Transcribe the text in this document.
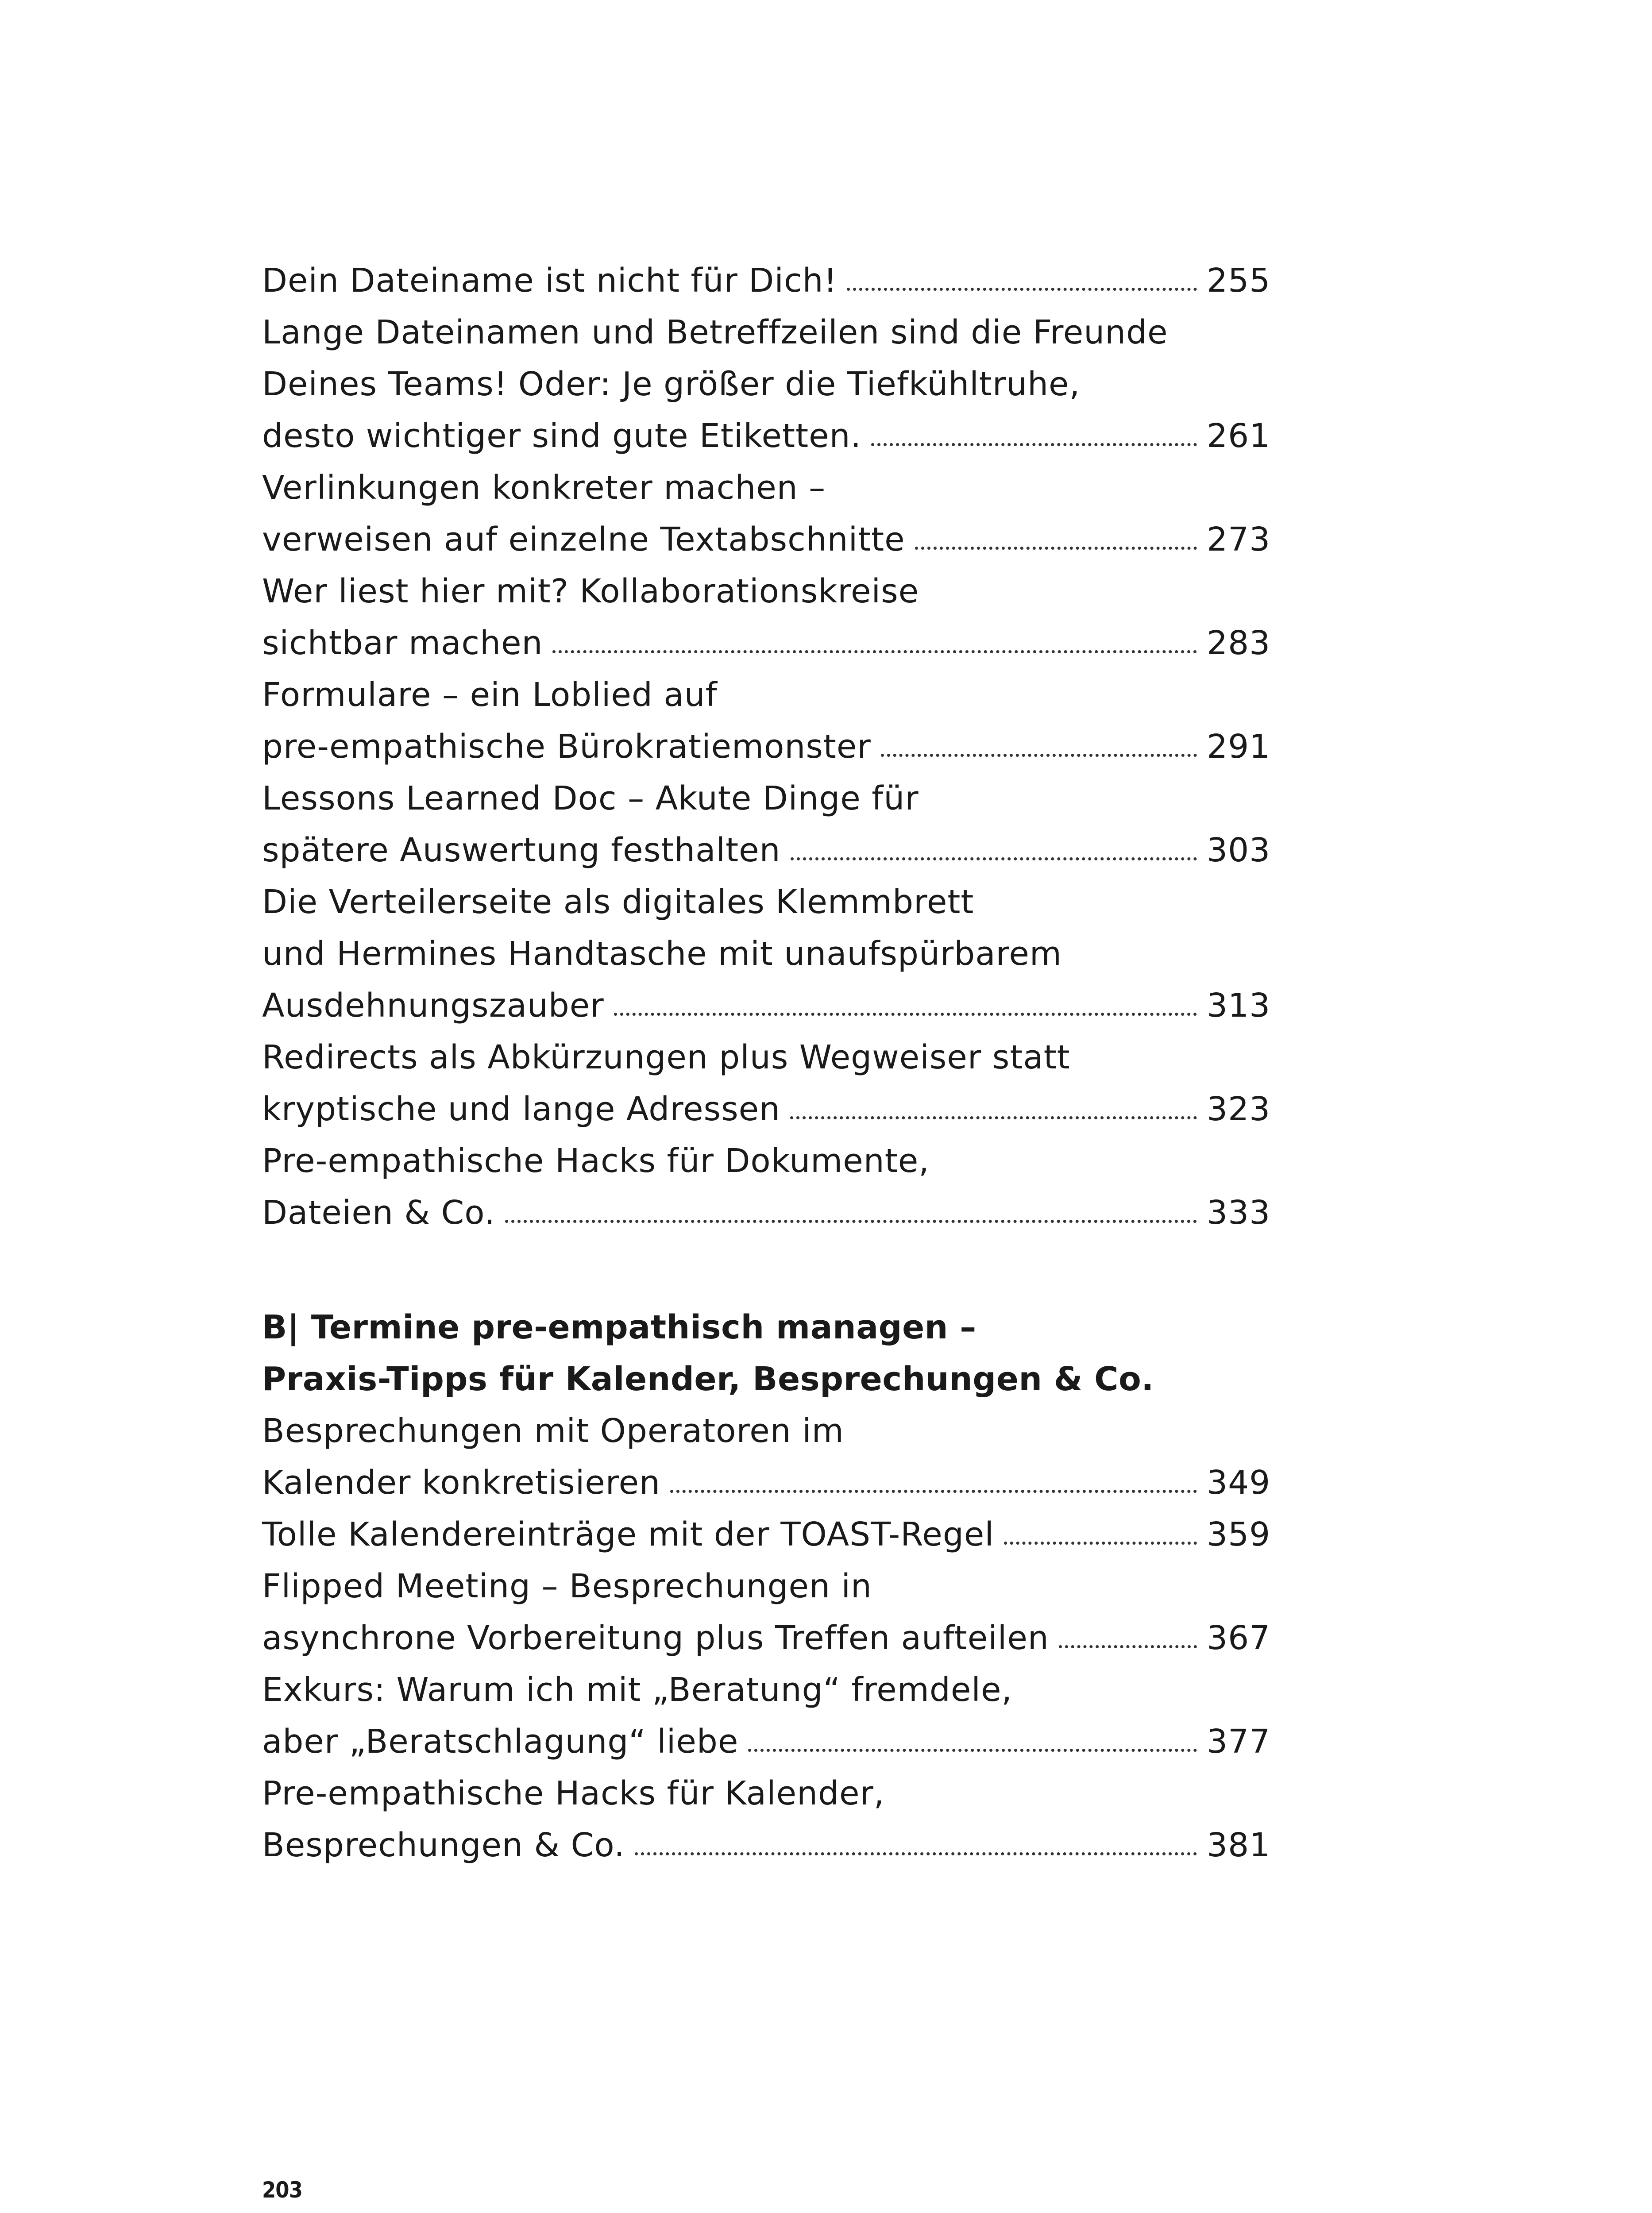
Dein Dateiname ist nicht für Dich!	255
Lange Dateinamen und Betreffzeilen sind die Freunde
Deines Teams! Oder: Je größer die Tiefkühltruhe,
desto wichtiger sind gute Etiketten.	261
Verlinkungen konkreter machen –
verweisen auf einzelne Textabschnitte	273
Wer liest hier mit? Kollaborationskreise
sichtbar machen	283
Formulare – ein Loblied auf
pre-empathische Bürokratiemonster	291
Lessons Learned Doc – Akute Dinge für
spätere Auswertung festhalten	303
Die Verteilerseite als digitales Klemmbrett
und Hermines Handtasche mit unaufspürbarem
Ausdehnungszauber	313
Redirects als Abkürzungen plus Wegweiser statt
kryptische und lange Adressen	323
Pre-empathische Hacks für Dokumente,
Dateien & Co.	333
B| Termine pre-empathisch managen –
Praxis-Tipps für Kalender, Besprechungen & Co.
Besprechungen mit Operatoren im
Kalender konkretisieren	349
Tolle Kalendereinträge mit der TOAST-Regel	359
Flipped Meeting – Besprechungen in
asynchrone Vorbereitung plus Treffen aufteilen	367
Exkurs: Warum ich mit „Beratung“ fremdele,
aber „Beratschlagung“ liebe	377
Pre-empathische Hacks für Kalender,
Besprechungen & Co.	381
203
